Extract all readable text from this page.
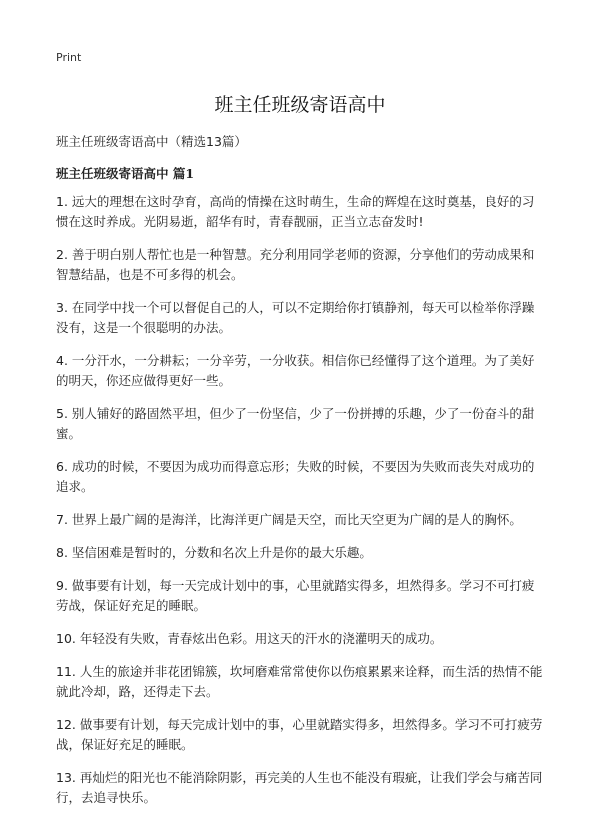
Print
班主任班级寄语高中

班主任班级寄语高中（精选13篇）

班主任班级寄语高中 篇1

1. 远大的理想在这时孕育，高尚的情操在这时萌生，生命的辉煌在这时奠基，良好的习惯在这时养成。光阴易逝，韶华有时，青春靓丽，正当立志奋发时!

2. 善于明白别人帮忙也是一种智慧。充分利用同学老师的资源，分享他们的劳动成果和智慧结晶，也是不可多得的机会。

3. 在同学中找一个可以督促自己的人，可以不定期给你打镇静剂，每天可以检举你浮躁没有，这是一个很聪明的办法。

4. 一分汗水，一分耕耘；一分辛劳，一分收获。相信你已经懂得了这个道理。为了美好的明天，你还应做得更好一些。

5. 别人铺好的路固然平坦，但少了一份坚信，少了一份拼搏的乐趣，少了一份奋斗的甜蜜。

6. 成功的时候，不要因为成功而得意忘形；失败的时候，不要因为失败而丧失对成功的追求。

7. 世界上最广阔的是海洋，比海洋更广阔是天空，而比天空更为广阔的是人的胸怀。

8. 坚信困难是暂时的，分数和名次上升是你的最大乐趣。

9. 做事要有计划，每一天完成计划中的事，心里就踏实得多，坦然得多。学习不可打疲劳战，保证好充足的睡眠。

10. 年轻没有失败，青春炫出色彩。用这天的汗水的浇灌明天的成功。

11. 人生的旅途并非花团锦簇，坎坷磨难常常使你以伤痕累累来诠释，而生活的热情不能就此冷却，路，还得走下去。

12. 做事要有计划，每天完成计划中的事，心里就踏实得多，坦然得多。学习不可打疲劳战，保证好充足的睡眠。

13. 再灿烂的阳光也不能消除阴影，再完美的人生也不能没有瑕疵，让我们学会与痛苦同行，去追寻快乐。
